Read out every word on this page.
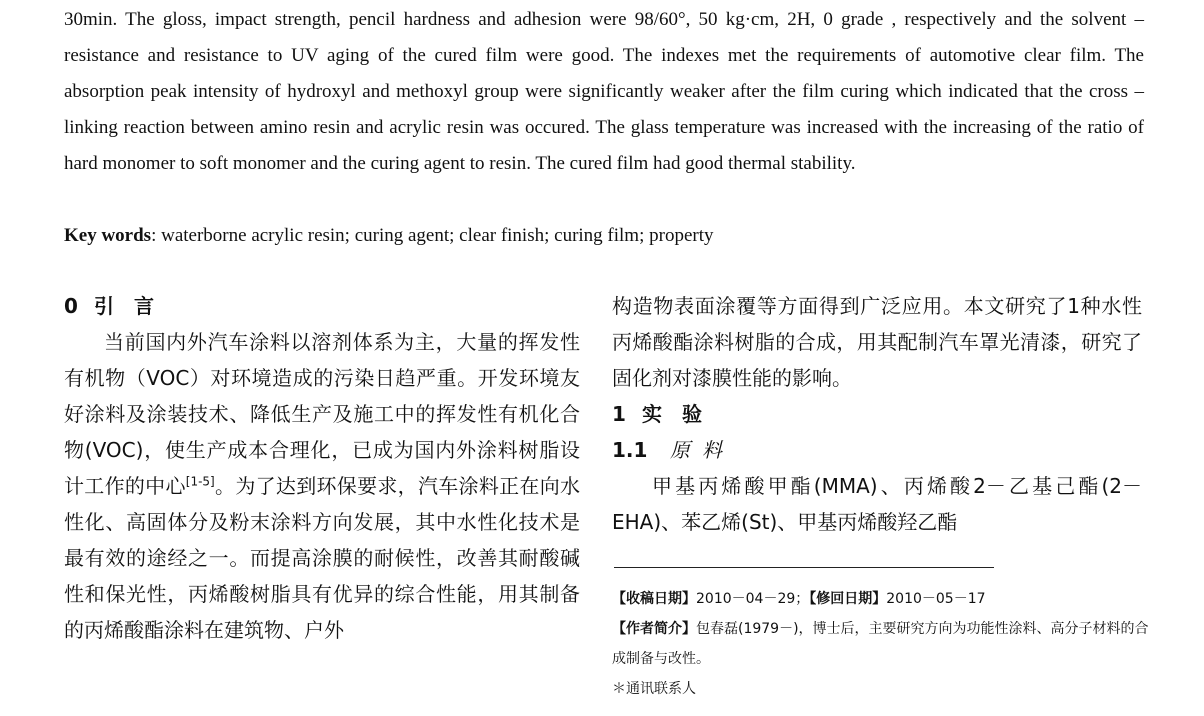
30min. The gloss, impact strength, pencil hardness and adhesion were 98/60°, 50 kg·cm, 2H, 0 grade , respectively and the solvent – resistance and resistance to UV aging of the cured film were good. The indexes met the requirements of automotive clear film. The absorption peak intensity of hydroxyl and methoxyl group were significantly weaker after the film curing which indicated that the cross – linking reaction between amino resin and acrylic resin was occured. The glass temperature was increased with the increasing of the ratio of hard monomer to soft monomer and the curing agent to resin. The cured film had good thermal stability.

Key words: waterborne acrylic resin; curing agent; clear finish; curing film; property

0 引言

当前国内外汽车涂料以溶剂体系为主，大量的挥发性有机物（VOC）对环境造成的污染日趋严重。开发环境友好涂料及涂装技术、降低生产及施工中的挥发性有机化合物(VOC)，使生产成本合理化，已成为国内外涂料树脂设计工作的中心[1-5]。为了达到环保要求，汽车涂料正在向水性化、高固体分及粉末涂料方向发展，其中水性化技术是最有效的途经之一。而提高涂膜的耐候性，改善其耐酸碱性和保光性，丙烯酸树脂具有优异的综合性能，用其制备的丙烯酸酯涂料在建筑物、户外

构造物表面涂覆等方面得到广泛应用。本文研究了1种水性丙烯酸酯涂料树脂的合成，用其配制汽车罩光清漆，研究了固化剂对漆膜性能的影响。

1 实验

1.1 原料

甲基丙烯酸甲酯(MMA)、丙烯酸2－乙基己酯(2－EHA)、苯乙烯(St)、甲基丙烯酸羟乙酯

【收稿日期】2010－04－29；【修回日期】2010－05－17

【作者简介】包春磊(1979－)，博士后，主要研究方向为功能性涂料、高分子材料的合成制备与改性。

＊通讯联系人
